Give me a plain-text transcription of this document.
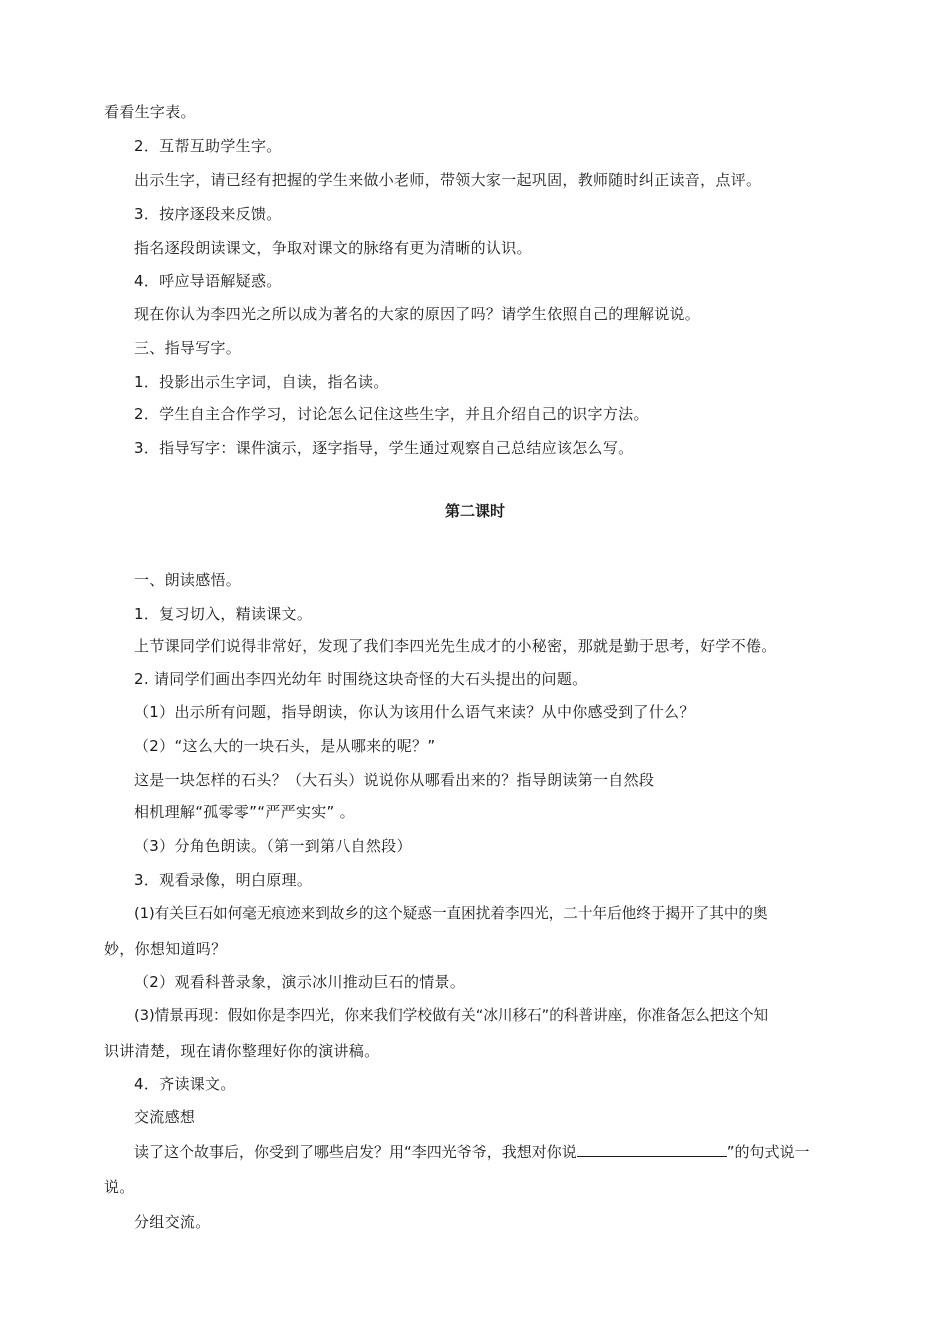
看看生字表。
2．互帮互助学生字。
出示生字，请已经有把握的学生来做小老师，带领大家一起巩固，教师随时纠正读音，点评。
3．按序逐段来反馈。
指名逐段朗读课文，争取对课文的脉络有更为清晰的认识。
4．呼应导语解疑惑。
现在你认为李四光之所以成为著名的大家的原因了吗？请学生依照自己的理解说说。
三、指导写字。
1．投影出示生字词，自读，指名读。
2．学生自主合作学习，讨论怎么记住这些生字，并且介绍自己的识字方法。
3．指导写字：课件演示，逐字指导，学生通过观察自己总结应该怎么写。
第二课时
一、朗读感悟。
1．复习切入，精读课文。
上节课同学们说得非常好，发现了我们李四光先生成才的小秘密，那就是勤于思考，好学不倦。
2. 请同学们画出李四光幼年 时围绕这块奇怪的大石头提出的问题。
（1）出示所有问题，指导朗读，你认为该用什么语气来读？从中你感受到了什么？
（2）“这么大的一块石头，是从哪来的呢？”
这是一块怎样的石头？（大石头）说说你从哪看出来的？指导朗读第一自然段
相机理解“孤零零”“严严实实” 。
（3）分角色朗读。（第一到第八自然段）
3．观看录像，明白原理。
(1)有关巨石如何毫无痕迹来到故乡的这个疑惑一直困扰着李四光，二十年后他终于揭开了其中的奥
妙，你想知道吗？
（2）观看科普录象，演示冰川推动巨石的情景。
(3)情景再现：假如你是李四光，你来我们学校做有关“冰川移石”的科普讲座，你准备怎么把这个知
识讲清楚，现在请你整理好你的演讲稿。
4．齐读课文。
交流感想
读了这个故事后，你受到了哪些启发？用“李四光爷爷，我想对你说	”的句式说一
说。
分组交流。
